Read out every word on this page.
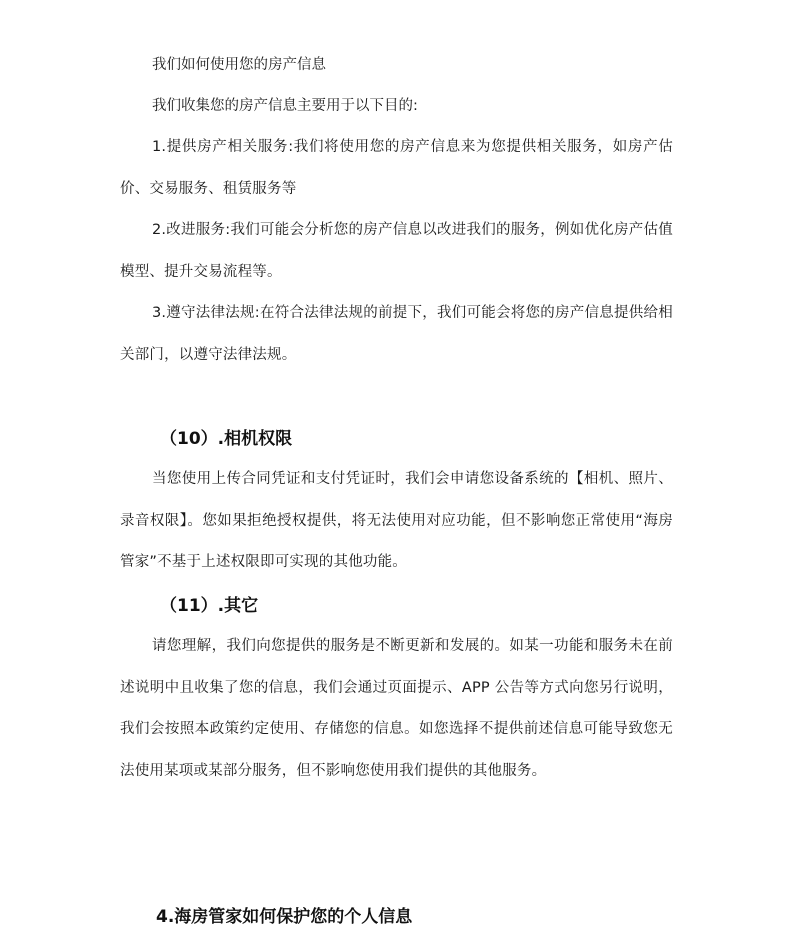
我们如何使用您的房产信息

我们收集您的房产信息主要用于以下目的:

1.提供房产相关服务:我们将使用您的房产信息来为您提供相关服务，如房产估价、交易服务、租赁服务等

2.改进服务:我们可能会分析您的房产信息以改进我们的服务，例如优化房产估值模型、提升交易流程等。

3.遵守法律法规:在符合法律法规的前提下，我们可能会将您的房产信息提供给相关部门，以遵守法律法规。

（10）.相机权限

当您使用上传合同凭证和支付凭证时，我们会申请您设备系统的【相机、照片、录音权限】。您如果拒绝授权提供，将无法使用对应功能，但不影响您正常使用“海房管家”不基于上述权限即可实现的其他功能。

（11）.其它

请您理解，我们向您提供的服务是不断更新和发展的。如某一功能和服务未在前述说明中且收集了您的信息，我们会通过页面提示、APP 公告等方式向您另行说明，我们会按照本政策约定使用、存储您的信息。如您选择不提供前述信息可能导致您无法使用某项或某部分服务，但不影响您使用我们提供的其他服务。

4.海房管家如何保护您的个人信息
